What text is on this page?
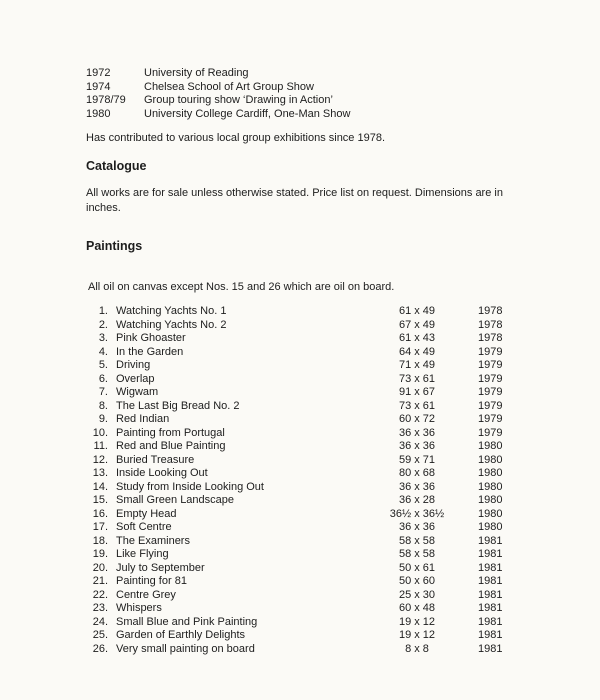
1972	University of Reading
1974	Chelsea School of Art Group Show
1978/79 Group touring show ‘Drawing in Action’
1980	University College Cardiff, One-Man Show
Has contributed to various local group exhibitions since 1978.
Catalogue
All works are for sale unless otherwise stated. Price list on request. Dimensions are in inches.
Paintings
All oil on canvas except Nos. 15 and 26 which are oil on board.
1. Watching Yachts No. 1	61 x 49	1978
2. Watching Yachts No. 2	67 x 49	1978
3. Pink Ghoaster	61 x 43	1978
4. In the Garden	64 x 49	1979
5. Driving	71 x 49	1979
6. Overlap	73 x 61	1979
7. Wigwam	91 x 67	1979
8. The Last Big Bread No. 2	73 x 61	1979
9. Red Indian	60 x 72	1979
10. Painting from Portugal	36 x 36	1979
11. Red and Blue Painting	36 x 36	1980
12. Buried Treasure	59 x 71	1980
13. Inside Looking Out	80 x 68	1980
14. Study from Inside Looking Out	36 x 36	1980
15. Small Green Landscape	36 x 28	1980
16. Empty Head	36½ x 36½	1980
17. Soft Centre	36 x 36	1980
18. The Examiners	58 x 58	1981
19. Like Flying	58 x 58	1981
20. July to September	50 x 61	1981
21. Painting for 81	50 x 60	1981
22. Centre Grey	25 x 30	1981
23. Whispers	60 x 48	1981
24. Small Blue and Pink Painting	19 x 12	1981
25. Garden of Earthly Delights	19 x 12	1981
26. Very small painting on board	8 x 8	1981
